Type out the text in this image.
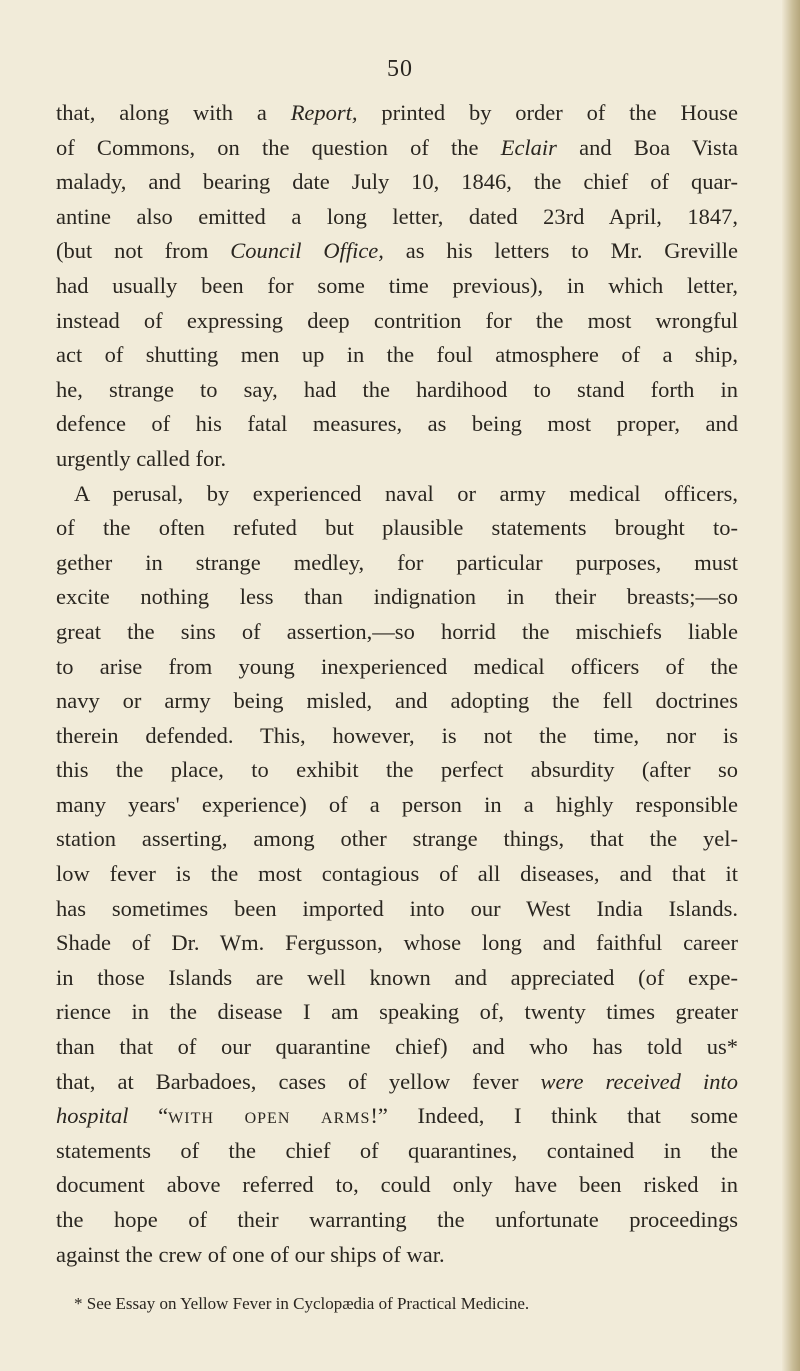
50
that, along with a Report, printed by order of the House
of Commons, on the question of the Eclair and Boa Vista
malady, and bearing date July 10, 1846, the chief of quar-
antine also emitted a long letter, dated 23rd April, 1847,
(but not from Council Office, as his letters to Mr. Greville
had usually been for some time previous), in which letter,
instead of expressing deep contrition for the most wrongful
act of shutting men up in the foul atmosphere of a ship,
he, strange to say, had the hardihood to stand forth in
defence of his fatal measures, as being most proper, and
urgently called for.
A perusal, by experienced naval or army medical officers,
of the often refuted but plausible statements brought to-
gether in strange medley, for particular purposes, must
excite nothing less than indignation in their breasts;—so
great the sins of assertion,—so horrid the mischiefs liable
to arise from young inexperienced medical officers of the
navy or army being misled, and adopting the fell doctrines
therein defended. This, however, is not the time, nor is
this the place, to exhibit the perfect absurdity (after so
many years' experience) of a person in a highly responsible
station asserting, among other strange things, that the yel-
low fever is the most contagious of all diseases, and that it
has sometimes been imported into our West India Islands.
Shade of Dr. Wm. Fergusson, whose long and faithful career
in those Islands are well known and appreciated (of expe-
rience in the disease I am speaking of, twenty times greater
than that of our quarantine chief) and who has told us*
that, at Barbadoes, cases of yellow fever were received into
hospital “with open arms!” Indeed, I think that some
statements of the chief of quarantines, contained in the
document above referred to, could only have been risked in
the hope of their warranting the unfortunate proceedings
against the crew of one of our ships of war.
* See Essay on Yellow Fever in Cyclopædia of Practical Medicine.
